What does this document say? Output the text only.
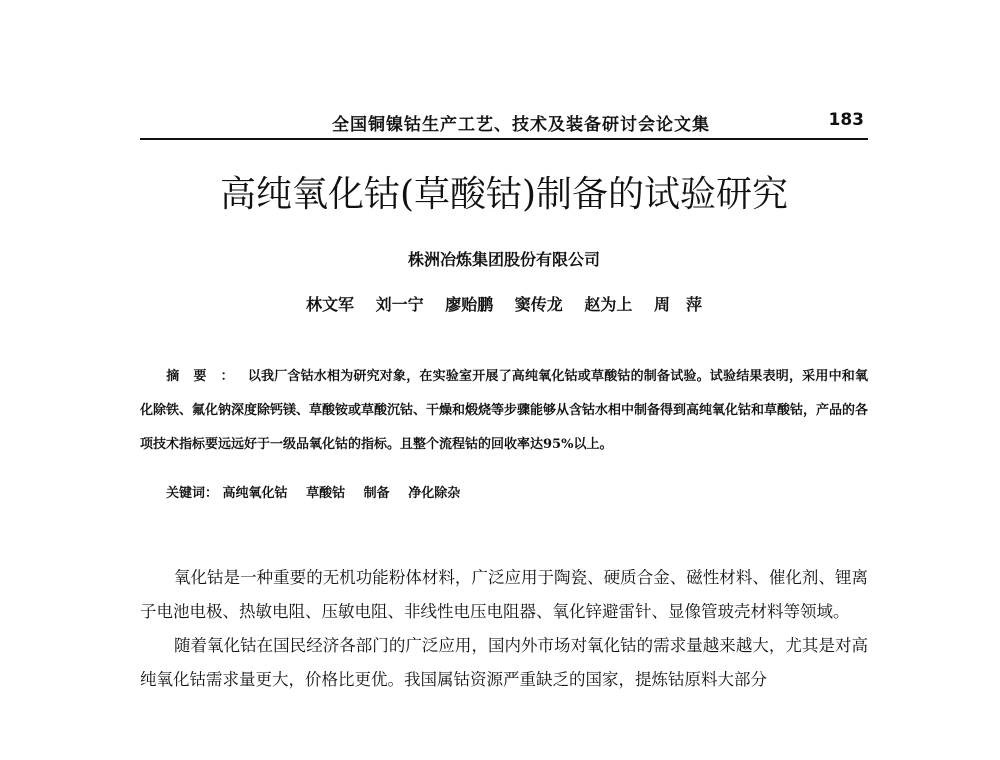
全国铜镍钴生产工艺、技术及装备研讨会论文集	183
高纯氧化钴(草酸钴)制备的试验研究
株洲冶炼集团股份有限公司
林文军 刘一宁 廖贻鹏 窦传龙 赵为上 周　萍

  摘要：以我厂含钴水相为研究对象，在实验室开展了高纯氧化钴或草酸钴的制备试验。试验结果表明，采用中和氧化除铁、氟化钠深度除钙镁、草酸铵或草酸沉钴、干燥和煅烧等步骤能够从含钴水相中制备得到高纯氧化钴和草酸钴，产品的各项技术指标要远远好于一级品氧化钴的指标。且整个流程钴的回收率达95%以上。

关键词： 高纯氧化钴 草酸钴 制备 净化除杂

氧化钴是一种重要的无机功能粉体材料，广泛应用于陶瓷、硬质合金、磁性材料、催化剂、锂离子电池电极、热敏电阻、压敏电阻、非线性电压电阻器、氧化锌避雷针、显像管玻壳材料等领域。

随着氧化钴在国民经济各部门的广泛应用，国内外市场对氧化钴的需求量越来越大，尤其是对高纯氧化钴需求量更大，价格比更优。我国属钴资源严重缺乏的国家，提炼钴原料大部分
